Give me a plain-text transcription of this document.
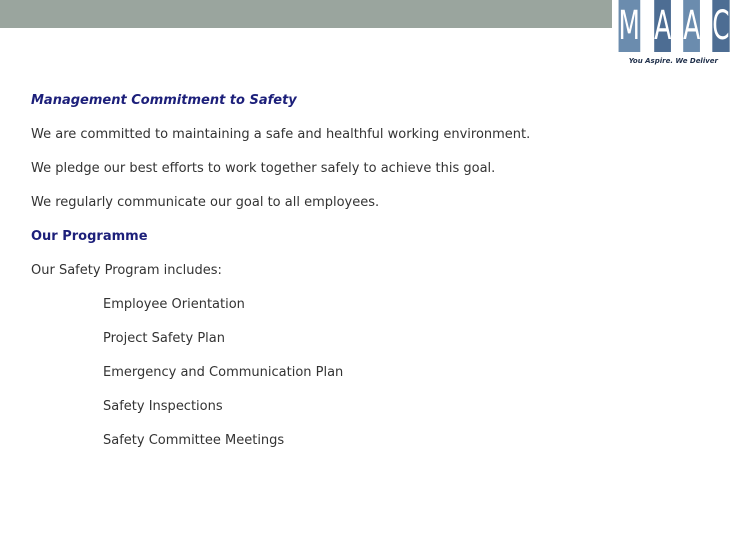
M A A C
You Aspire. We Deliver
Management Commitment to Safety
We are committed to maintaining a safe and healthful working environment.
We pledge our best efforts to work together safely to achieve this goal.
We regularly communicate our goal to all employees.
Our Programme
Our Safety Program includes:
Employee Orientation
Project Safety Plan
Emergency and Communication Plan
Safety Inspections
Safety Committee Meetings
